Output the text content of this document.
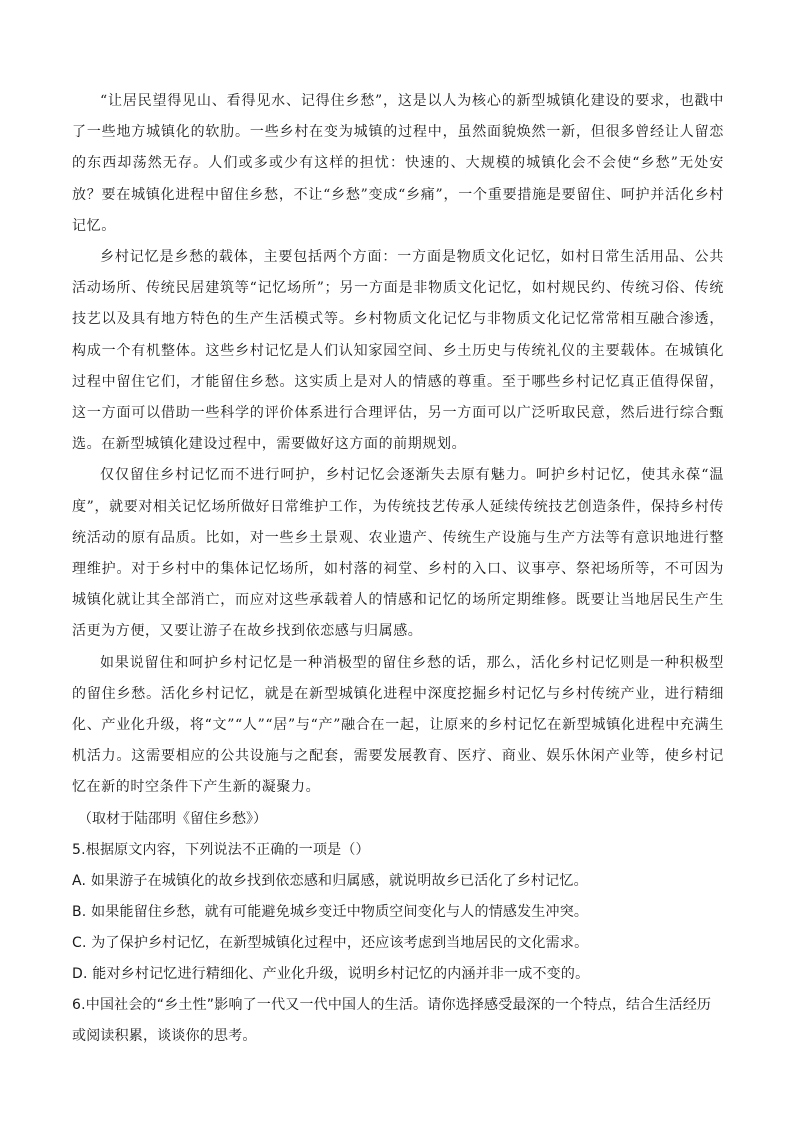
“让居民望得见山、看得见水、记得住乡愁”，这是以人为核心的新型城镇化建设的要求，也戳中了一些地方城镇化的软肋。一些乡村在变为城镇的过程中，虽然面貌焕然一新，但很多曾经让人留恋的东西却荡然无存。人们或多或少有这样的担忧：快速的、大规模的城镇化会不会使“乡愁”无处安放？要在城镇化进程中留住乡愁，不让“乡愁”变成“乡痛”，一个重要措施是要留住、呵护并活化乡村记忆。

乡村记忆是乡愁的载体，主要包括两个方面：一方面是物质文化记忆，如村日常生活用品、公共活动场所、传统民居建筑等“记忆场所”；另一方面是非物质文化记忆，如村规民约、传统习俗、传统技艺以及具有地方特色的生产生活模式等。乡村物质文化记忆与非物质文化记忆常常相互融合渗透，构成一个有机整体。这些乡村记忆是人们认知家园空间、乡土历史与传统礼仪的主要载体。在城镇化过程中留住它们，才能留住乡愁。这实质上是对人的情感的尊重。至于哪些乡村记忆真正值得保留，这一方面可以借助一些科学的评价体系进行合理评估，另一方面可以广泛听取民意，然后进行综合甄选。在新型城镇化建设过程中，需要做好这方面的前期规划。

仅仅留住乡村记忆而不进行呵护，乡村记忆会逐渐失去原有魅力。呵护乡村记忆，使其永葆“温度”，就要对相关记忆场所做好日常维护工作，为传统技艺传承人延续传统技艺创造条件，保持乡村传统活动的原有品质。比如，对一些乡土景观、农业遗产、传统生产设施与生产方法等有意识地进行整理维护。对于乡村中的集体记忆场所，如村落的祠堂、乡村的入口、议事亭、祭祀场所等，不可因为城镇化就让其全部消亡，而应对这些承载着人的情感和记忆的场所定期维修。既要让当地居民生产生活更为方便，又要让游子在故乡找到依恋感与归属感。

如果说留住和呵护乡村记忆是一种消极型的留住乡愁的话，那么，活化乡村记忆则是一种积极型的留住乡愁。活化乡村记忆，就是在新型城镇化进程中深度挖掘乡村记忆与乡村传统产业，进行精细化、产业化升级，将“文”“人”“居”与“产”融合在一起，让原来的乡村记忆在新型城镇化进程中充满生机活力。这需要相应的公共设施与之配套，需要发展教育、医疗、商业、娱乐休闲产业等，使乡村记忆在新的时空条件下产生新的凝聚力。

（取材于陆邵明《留住乡愁》）

5.根据原文内容，下列说法不正确的一项是（）

A. 如果游子在城镇化的故乡找到依恋感和归属感，就说明故乡已活化了乡村记忆。

B. 如果能留住乡愁，就有可能避免城乡变迁中物质空间变化与人的情感发生冲突。

C. 为了保护乡村记忆，在新型城镇化过程中，还应该考虑到当地居民的文化需求。

D. 能对乡村记忆进行精细化、产业化升级，说明乡村记忆的内涵并非一成不变的。

6.中国社会的“乡土性”影响了一代又一代中国人的生活。请你选择感受最深的一个特点，结合生活经历或阅读积累，谈谈你的思考。
